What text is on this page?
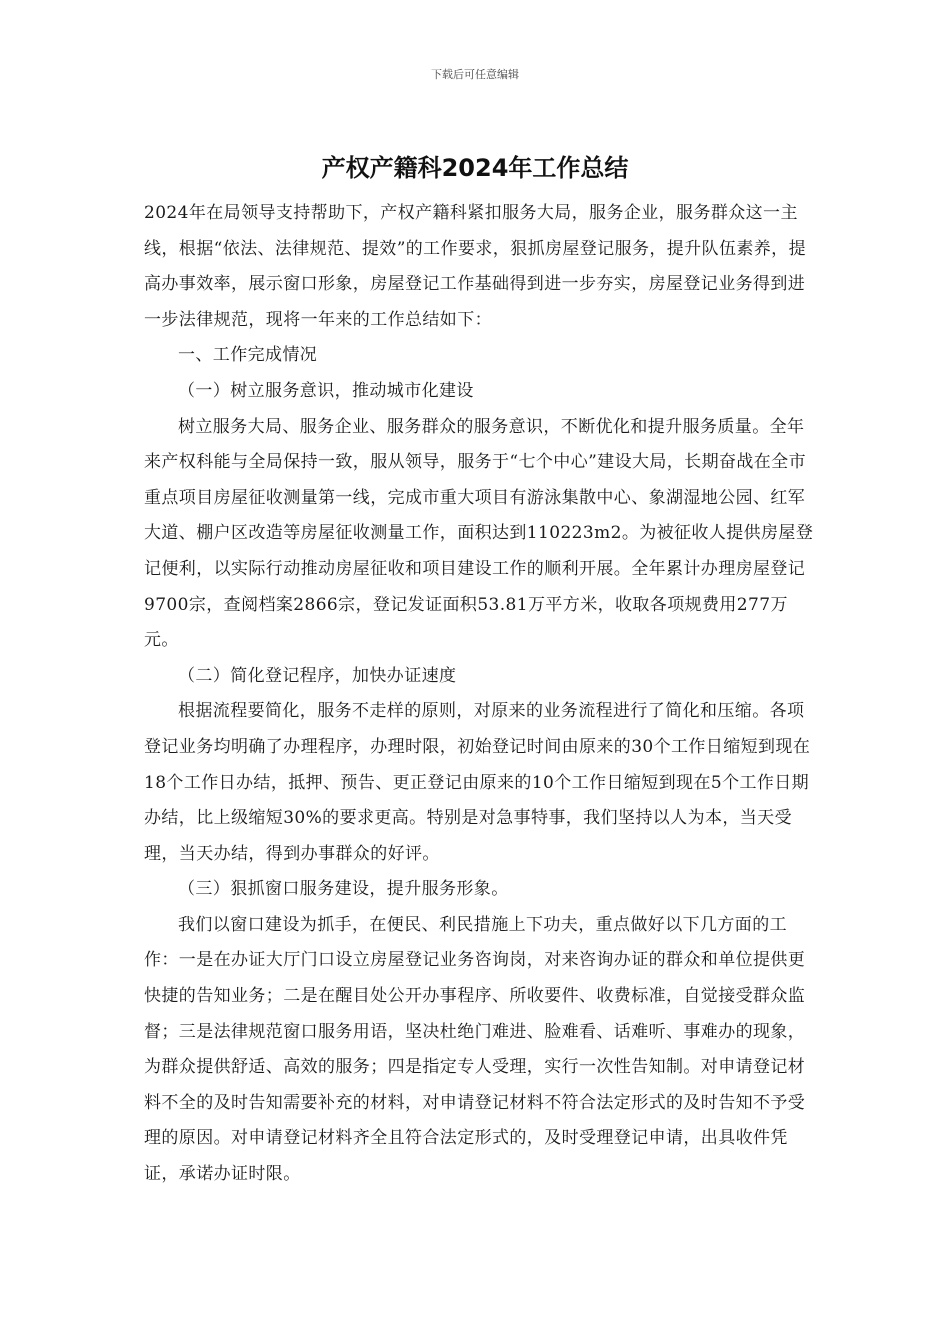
下载后可任意编辑
产权产籍科2024年工作总结

2024年在局领导支持帮助下，产权产籍科紧扣服务大局，服务企业，服务群众这一主线，根据“依法、法律规范、提效”的工作要求，狠抓房屋登记服务，提升队伍素养，提高办事效率，展示窗口形象，房屋登记工作基础得到进一步夯实，房屋登记业务得到进一步法律规范，现将一年来的工作总结如下：

一、工作完成情况

（一）树立服务意识，推动城市化建设

树立服务大局、服务企业、服务群众的服务意识，不断优化和提升服务质量。全年来产权科能与全局保持一致，服从领导，服务于“七个中心”建设大局，长期奋战在全市重点项目房屋征收测量第一线，完成市重大项目有游泳集散中心、象湖湿地公园、红军大道、棚户区改造等房屋征收测量工作，面积达到110223m2。为被征收人提供房屋登记便利，以实际行动推动房屋征收和项目建设工作的顺利开展。全年累计办理房屋登记9700宗，查阅档案2866宗，登记发证面积53.81万平方米，收取各项规费用277万元。

（二）简化登记程序，加快办证速度

根据流程要简化，服务不走样的原则，对原来的业务流程进行了简化和压缩。各项登记业务均明确了办理程序，办理时限，初始登记时间由原来的30个工作日缩短到现在18个工作日办结，抵押、预告、更正登记由原来的10个工作日缩短到现在5个工作日期办结，比上级缩短30%的要求更高。特别是对急事特事，我们坚持以人为本，当天受理，当天办结，得到办事群众的好评。

（三）狠抓窗口服务建设，提升服务形象。

我们以窗口建设为抓手，在便民、利民措施上下功夫，重点做好以下几方面的工作：一是在办证大厅门口设立房屋登记业务咨询岗，对来咨询办证的群众和单位提供更快捷的告知业务；二是在醒目处公开办事程序、所收要件、收费标准，自觉接受群众监督；三是法律规范窗口服务用语，坚决杜绝门难进、脸难看、话难听、事难办的现象，为群众提供舒适、高效的服务；四是指定专人受理，实行一次性告知制。对申请登记材料不全的及时告知需要补充的材料，对申请登记材料不符合法定形式的及时告知不予受理的原因。对申请登记材料齐全且符合法定形式的，及时受理登记申请，出具收件凭证，承诺办证时限。
